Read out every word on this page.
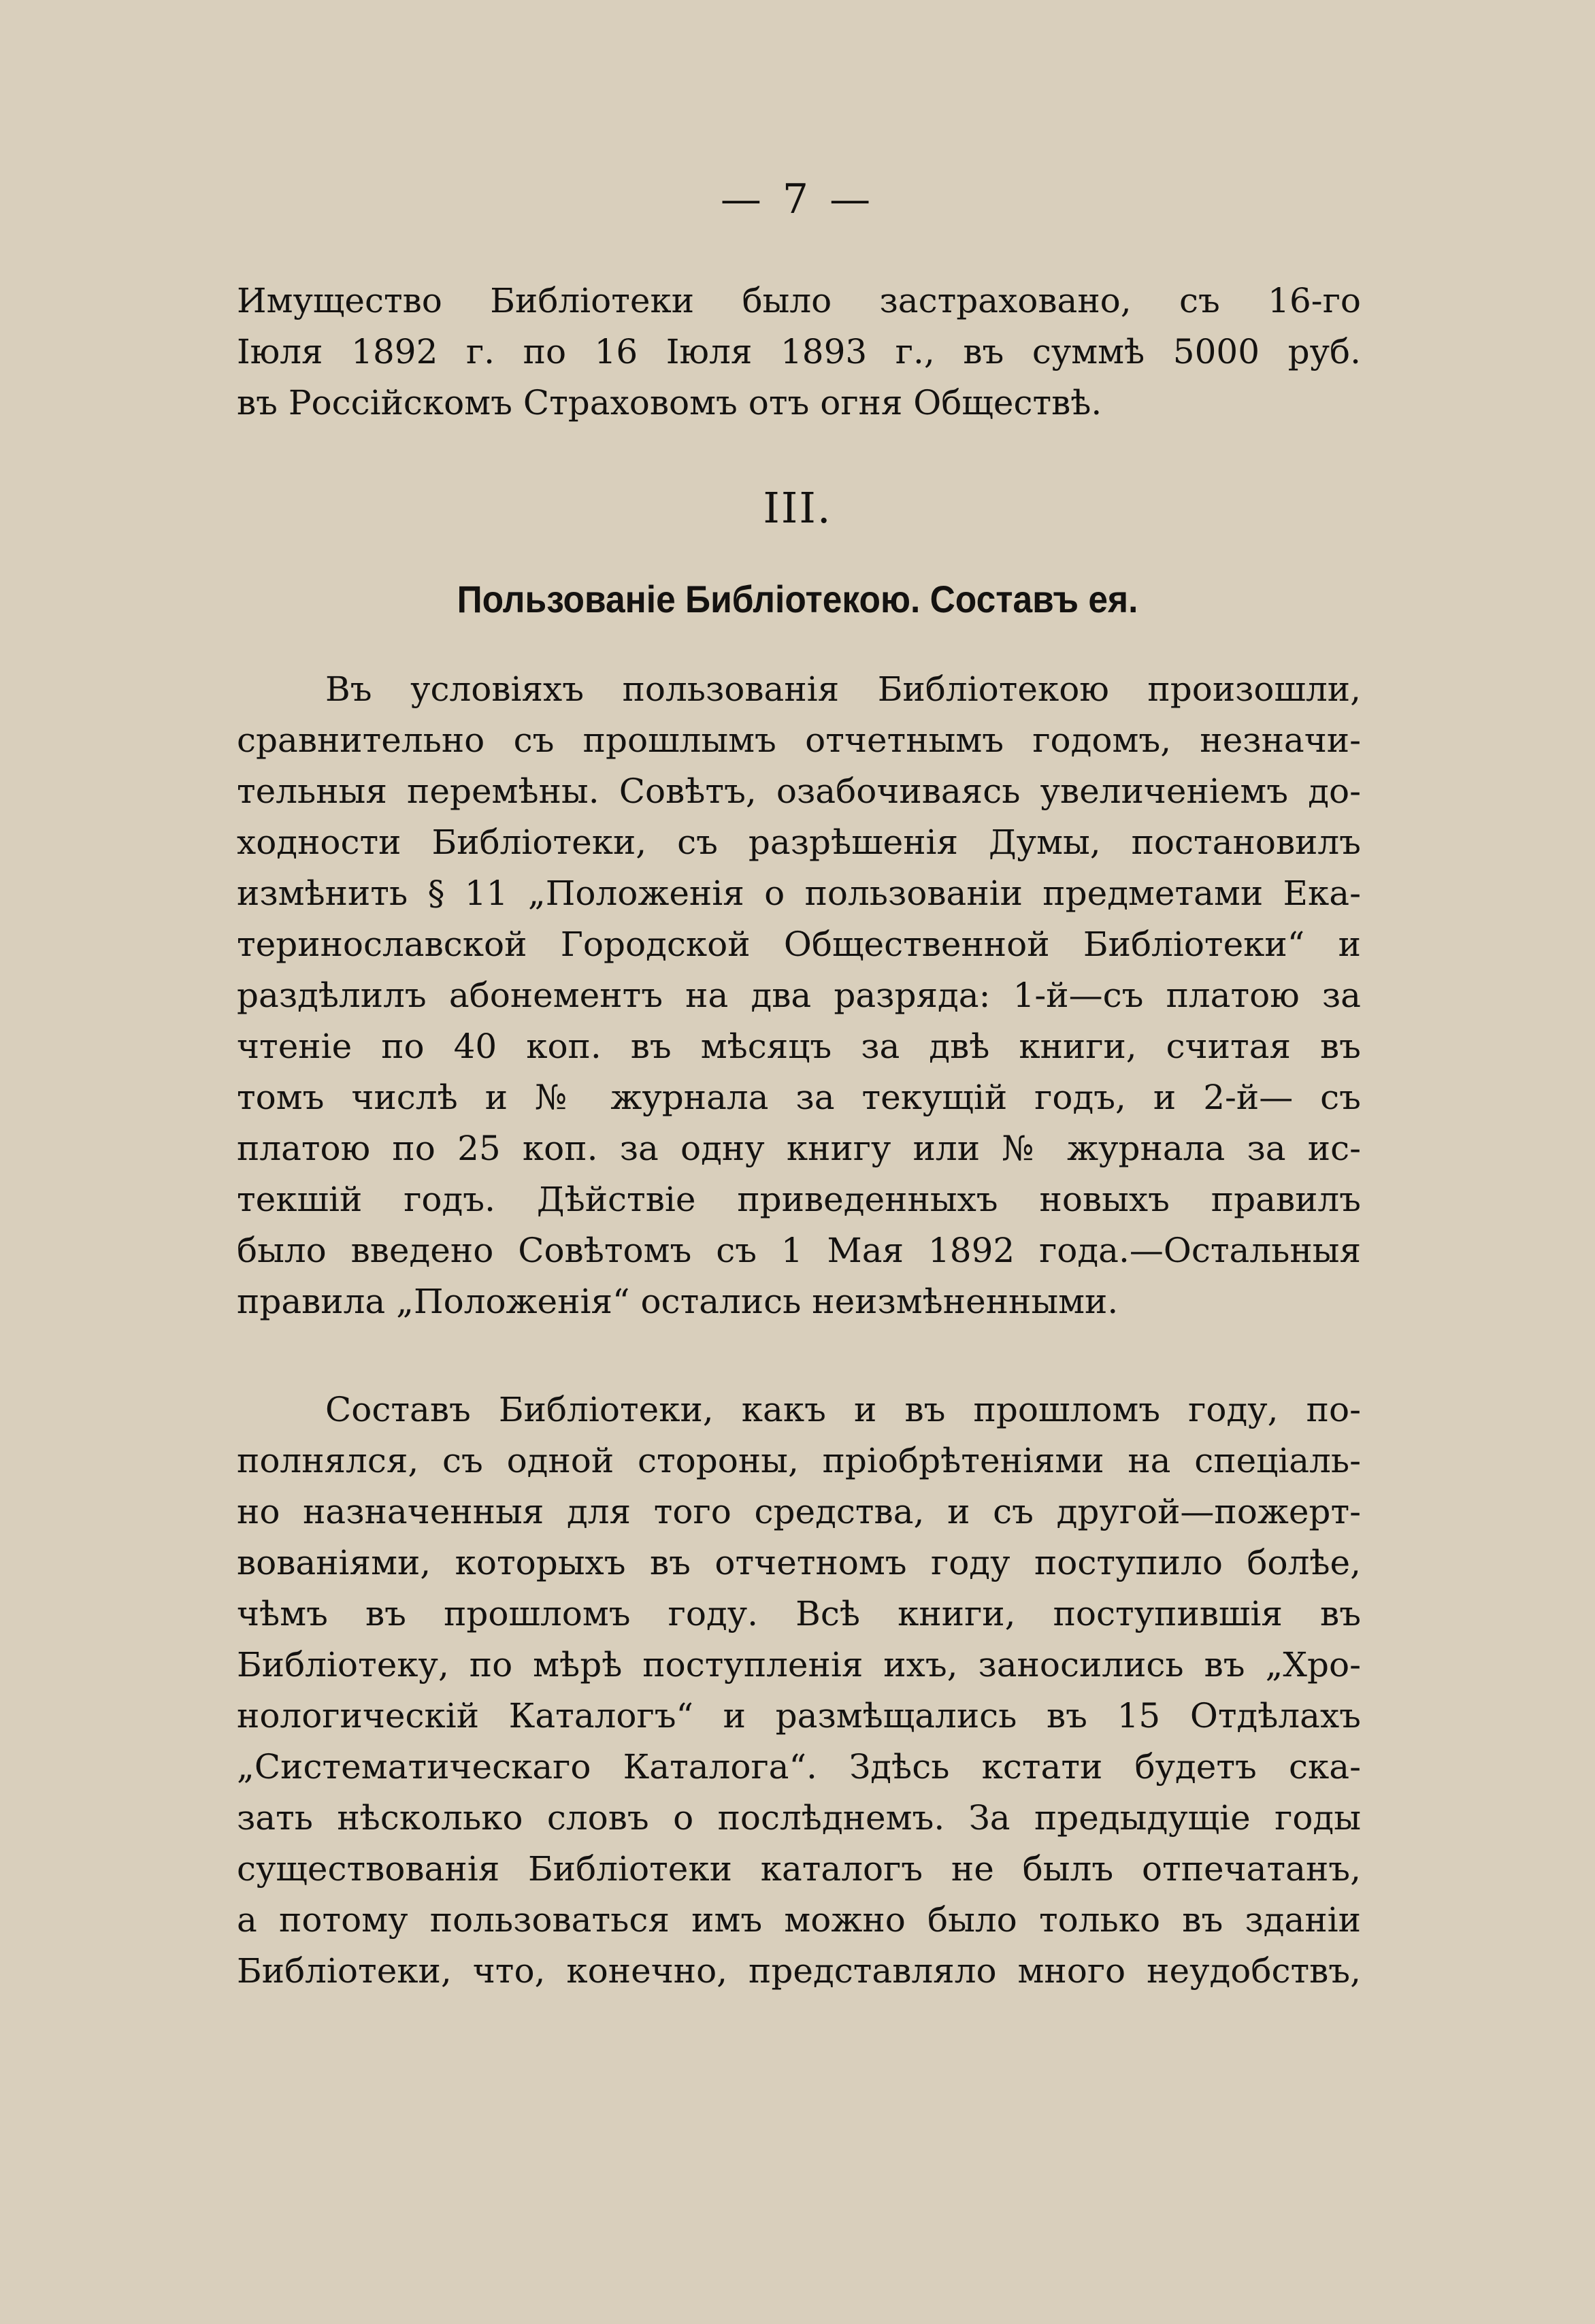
— 7 —
Имущество Библіотеки было застраховано, съ 16-го
Іюля 1892 г. по 16 Іюля 1893 г., въ суммѣ 5000 руб.
въ Россійскомъ Страховомъ отъ огня Обществѣ.
III.
Пользованіе Библіотекою. Составъ ея.
Въ условіяхъ пользованія Библіотекою произошли,
сравнительно съ прошлымъ отчетнымъ годомъ, незначи-
тельныя перемѣны. Совѣтъ, озабочиваясь увеличеніемъ до-
ходности Библіотеки, съ разрѣшенія Думы, постановилъ
измѣнить § 11 „Положенія о пользованіи предметами Ека-
теринославской Городской Общественной Библіотеки“ и
раздѣлилъ абонементъ на два разряда: 1-й—съ платою за
чтеніе по 40 коп. въ мѣсяцъ за двѣ книги, считая въ
томъ числѣ и № журнала за текущій годъ, и 2-й— съ
платою по 25 коп. за одну книгу или № журнала за ис-
текшій годъ. Дѣйствіе приведенныхъ новыхъ правилъ
было введено Совѣтомъ съ 1 Мая 1892 года.—Остальныя
правила „Положенія“ остались неизмѣненными.
Составъ Библіотеки, какъ и въ прошломъ году, по-
полнялся, съ одной стороны, пріобрѣтеніями на спеціаль-
но назначенныя для того средства, и съ другой—пожерт-
вованіями, которыхъ въ отчетномъ году поступило болѣе,
чѣмъ въ прошломъ году. Всѣ книги, поступившія въ
Библіотеку, по мѣрѣ поступленія ихъ, заносились въ „Хро-
нологическій Каталогъ“ и размѣщались въ 15 Отдѣлахъ
„Систематическаго Каталога“. Здѣсь кстати будетъ ска-
зать нѣсколько словъ о послѣднемъ. За предыдущіе годы
существованія Библіотеки каталогъ не былъ отпечатанъ,
а потому пользоваться имъ можно было только въ зданіи
Библіотеки, что, конечно, представляло много неудобствъ,
